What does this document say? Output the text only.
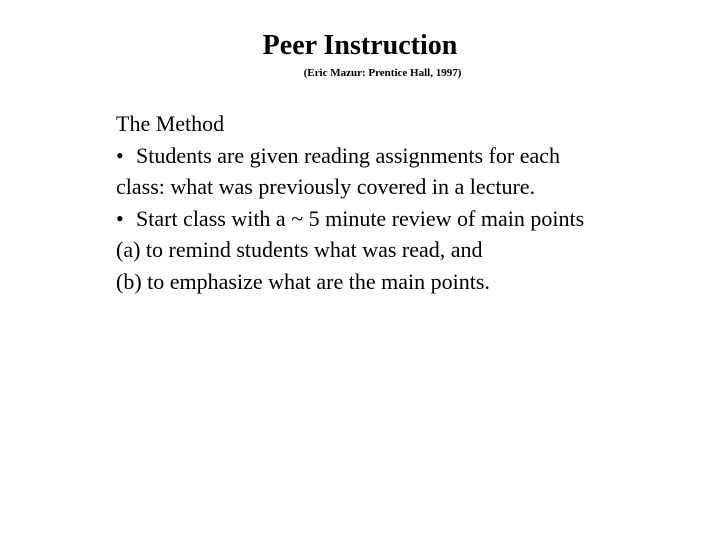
Peer Instruction
(Eric Mazur: Prentice Hall, 1997)
The Method
• Students are given reading assignments for each
class: what was previously covered in a lecture.
• Start class with a ~ 5 minute review of main points
(a) to remind students what was read, and
(b) to emphasize what are the main points.
